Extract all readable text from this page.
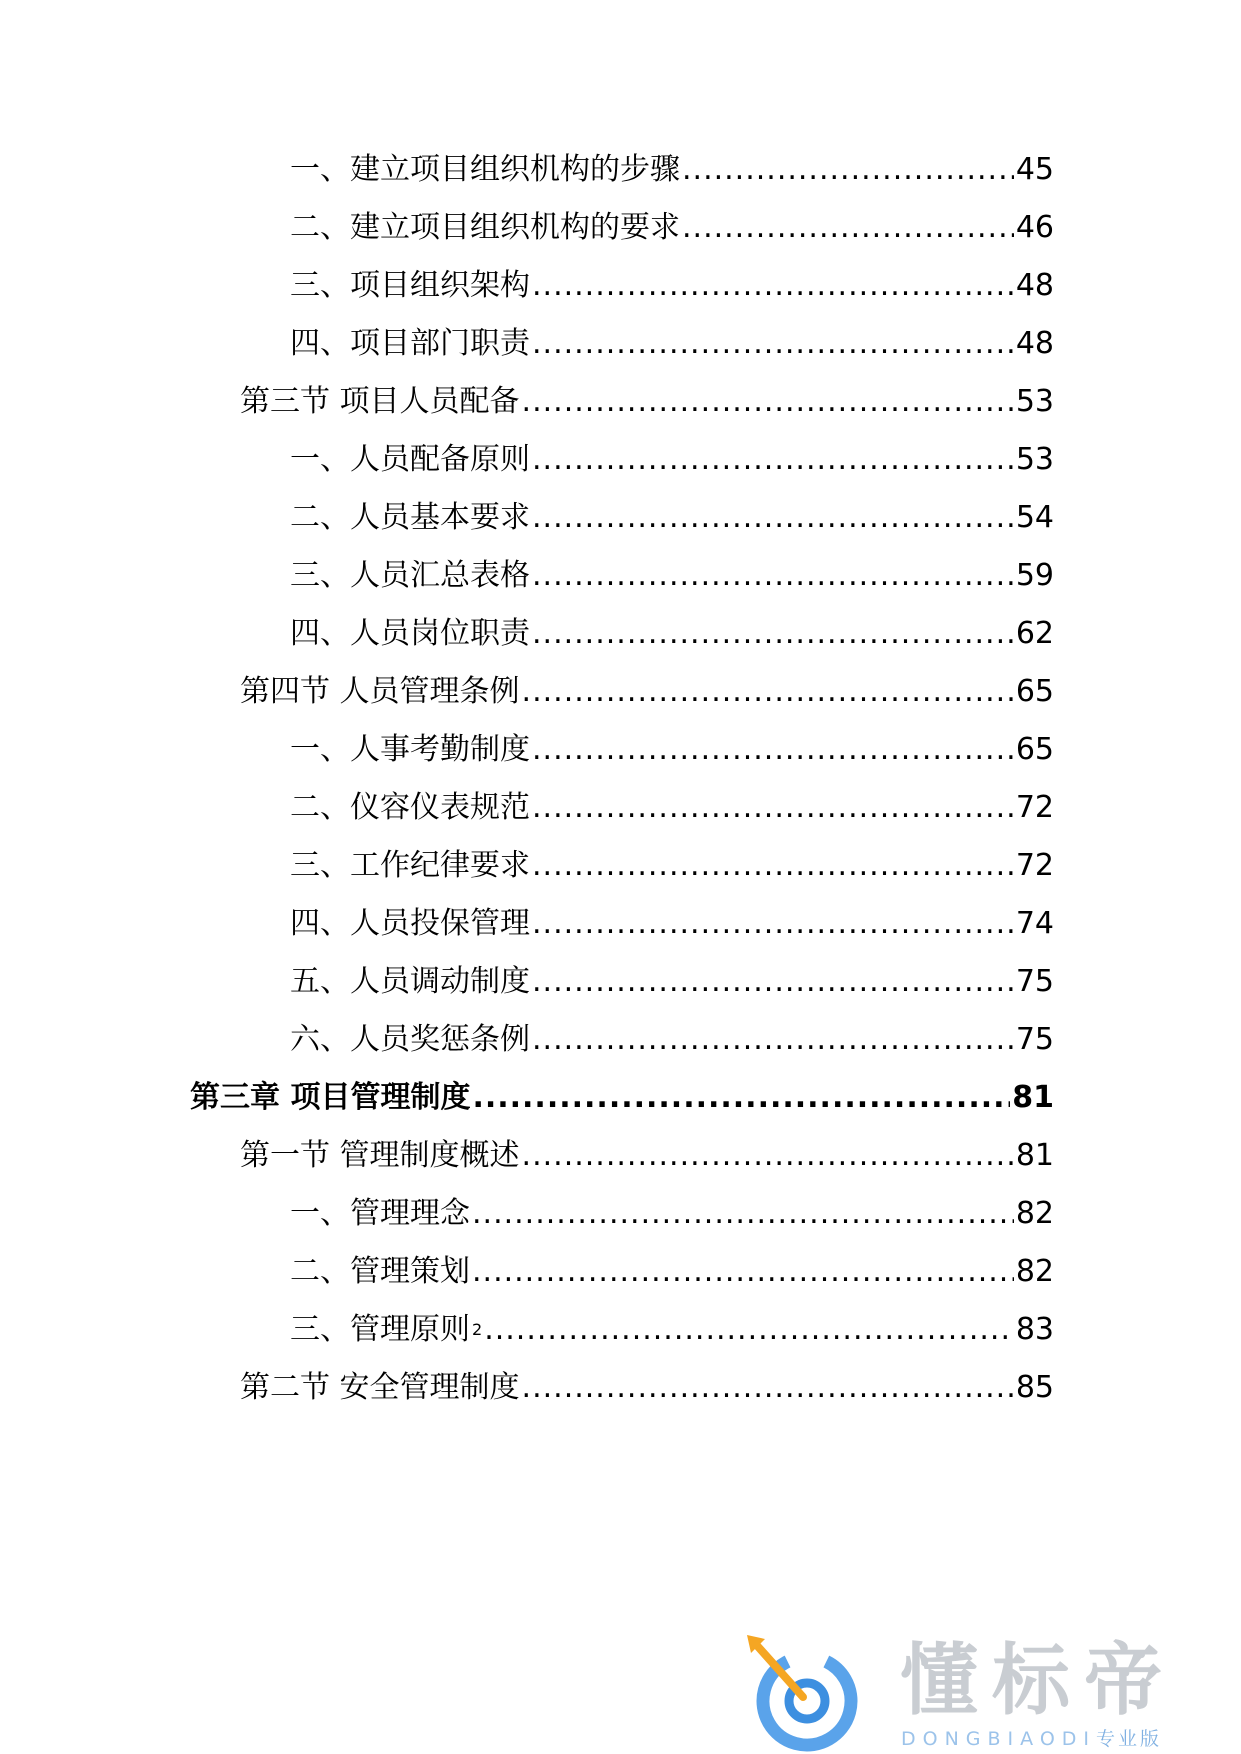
一、建立项目组织机构的步骤 .....	45
二、建立项目组织机构的要求 .....	46
三、项目组织架构 .....	48
四、项目部门职责 .....	48
第三节 项目人员配备 .....	53
一、人员配备原则 .....	53
二、人员基本要求 .....	54
三、人员汇总表格 .....	59
四、人员岗位职责 .....	62
第四节 人员管理条例 .....	65
一、人事考勤制度 .....	65
二、仪容仪表规范 .....	72
三、工作纪律要求 .....	72
四、人员投保管理 .....	74
五、人员调动制度 .....	75
六、人员奖惩条例 .....	75
第三章 项目管理制度 .....	81
第一节 管理制度概述 .....	81
一、管理理念 .....	82
二、管理策划 .....	82
三、管理原则 2 .....	83
第二节 安全管理制度 .....	85
懂标帝
DONGBIAODI专业版
